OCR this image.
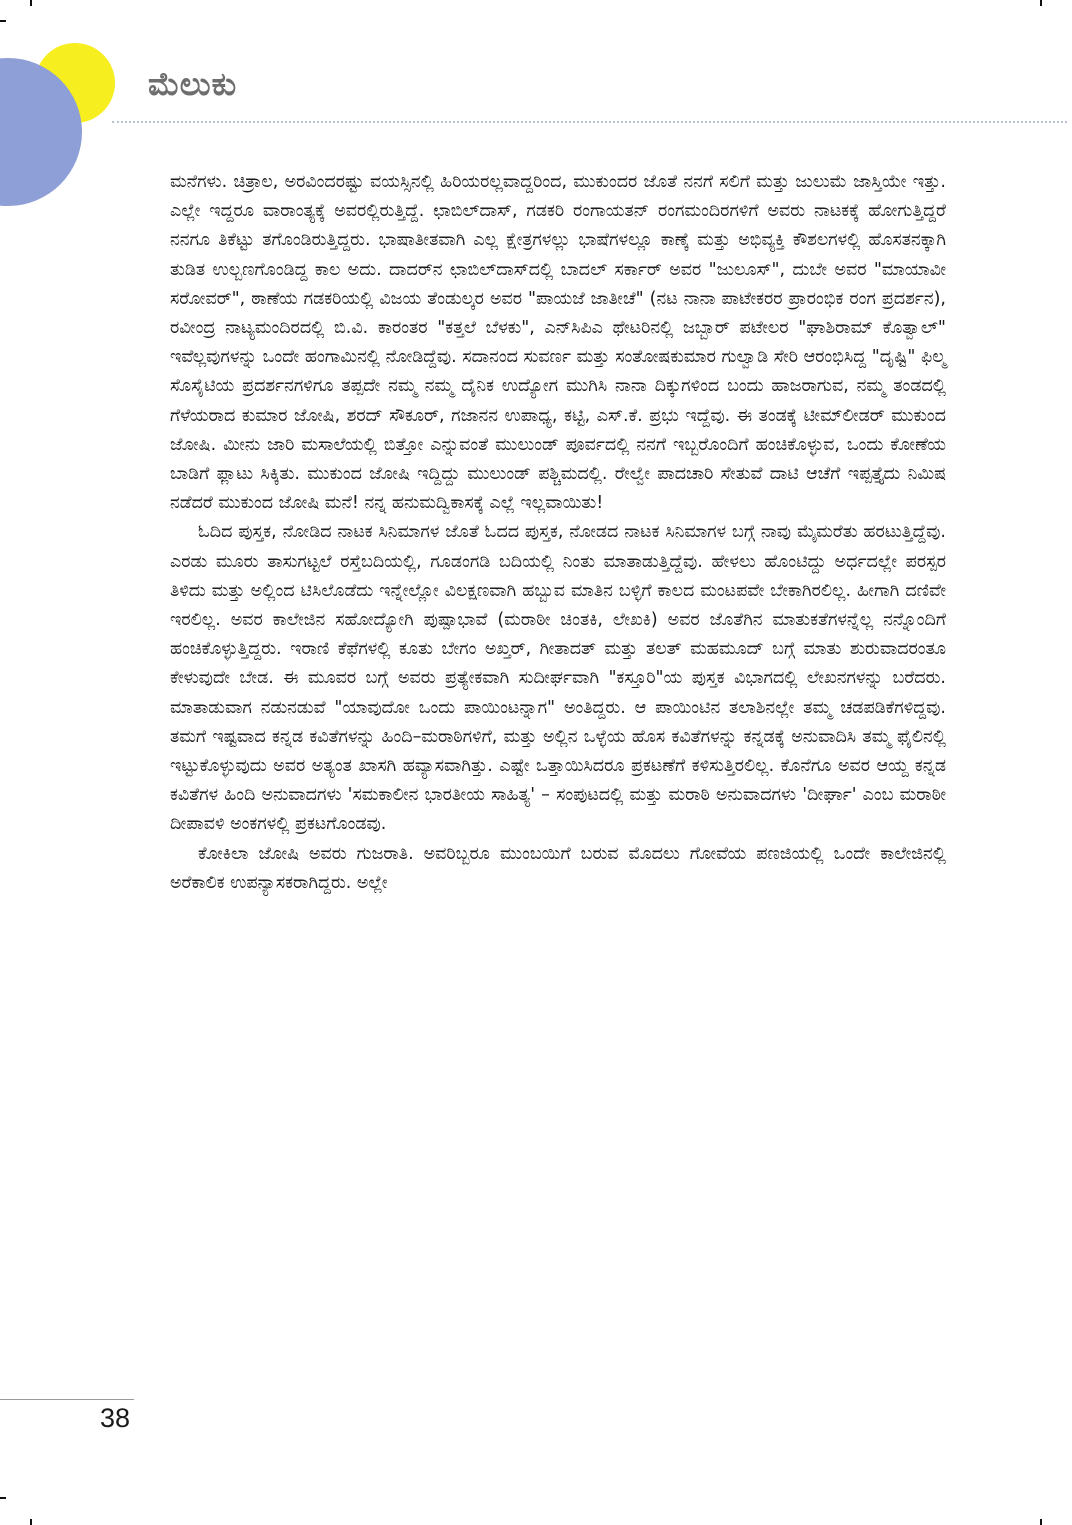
ಮೆಲುಕು

ಮನೆಗಳು. ಚಿತ್ರಾಲ, ಅರವಿಂದರಷ್ಟು ವಯಸ್ಸಿನಲ್ಲಿ ಹಿರಿಯರಲ್ಲವಾದ್ದರಿಂದ, ಮುಕುಂದರ ಜೊತೆ ನನಗೆ ಸಲಿಗೆ ಮತ್ತು ಜುಲುಮೆ ಜಾಸ್ತಿಯೇ ಇತ್ತು. ಎಲ್ಲೇ ಇದ್ದರೂ ವಾರಾಂತ್ಯಕ್ಕೆ ಅವರಲ್ಲಿರುತ್ತಿದ್ದೆ. ಛಾಬಿಲ್‌ದಾಸ್, ಗಡಕರಿ ರಂಗಾಯತನ್ ರಂಗಮಂದಿರಗಳಿಗೆ ಅವರು ನಾಟಕಕ್ಕೆ ಹೋಗುತ್ತಿದ್ದರೆ ನನಗೂ ತಿಕೆಟ್ಟು ತಗೊಂಡಿರುತ್ತಿದ್ದರು. ಭಾಷಾತೀತವಾಗಿ ಎಲ್ಲ ಕ್ಷೇತ್ರಗಳಲ್ಲು ಭಾಷೆಗಳಲ್ಲೂ ಕಾಣ್ಕೆ ಮತ್ತು ಅಭಿವ್ಯಕ್ತಿ ಕೌಶಲಗಳಲ್ಲಿ ಹೊಸತನಕ್ಕಾಗಿ ತುಡಿತ ಉಲ್ಬಣಗೊಂಡಿದ್ದ ಕಾಲ ಅದು. ದಾದರ್‌ನ ಛಾಬಿಲ್‌ದಾಸ್‌ದಲ್ಲಿ ಬಾದಲ್ ಸರ್ಕಾರ್ ಅವರ "ಜುಲೂಸ್", ದುಬೇ ಅವರ "ಮಾಯಾವೀ ಸರೋವರ್", ಠಾಣೆಯ ಗಡಕರಿಯಲ್ಲಿ ವಿಜಯ ತೆಂಡುಲ್ಕರ ಅವರ "ಪಾಯಜೆ ಜಾತೀಚೆ" (ನಟ ನಾನಾ ಪಾಟೇಕರರ ಪ್ರಾರಂಭಿಕ ರಂಗ ಪ್ರದರ್ಶನ), ರವೀಂದ್ರ ನಾಟ್ಯಮಂದಿರದಲ್ಲಿ ಬಿ.ವಿ. ಕಾರಂತರ "ಕತ್ತಲೆ ಬೆಳಕು", ಎನ್‌ಸಿಪಿಎ ಥೇಟರಿನಲ್ಲಿ ಜಬ್ಬಾರ್ ಪಟೇಲರ "ಘಾಶಿರಾಮ್ ಕೊತ್ವಾಲ್" ಇವೆಲ್ಲವುಗಳನ್ನು ಒಂದೇ ಹಂಗಾಮಿನಲ್ಲಿ ನೋಡಿದ್ದೆವು. ಸದಾನಂದ ಸುವರ್ಣ ಮತ್ತು ಸಂತೋಷಕುಮಾರ ಗುಲ್ವಾಡಿ ಸೇರಿ ಆರಂಭಿಸಿದ್ದ "ದೃಷ್ಟಿ" ಫಿಲ್ಮ ಸೊಸೈಟಿಯ ಪ್ರದರ್ಶನಗಳಿಗೂ ತಪ್ಪದೇ ನಮ್ಮ ನಮ್ಮ ದೈನಿಕ ಉದ್ಯೋಗ ಮುಗಿಸಿ ನಾನಾ ದಿಕ್ಕುಗಳಿಂದ ಬಂದು ಹಾಜರಾಗುವ, ನಮ್ಮ ತಂಡದಲ್ಲಿ ಗೆಳೆಯರಾದ ಕುಮಾರ ಜೋಷಿ, ಶರದ್ ಸೌಕೂರ್, ಗಜಾನನ ಉಪಾಧ್ಯ, ಕಟ್ಟಿ, ಎಸ್.ಕೆ. ಪ್ರಭು ಇದ್ದೆವು. ಈ ತಂಡಕ್ಕೆ ಟೀಮ್‌ಲೀಡರ್ ಮುಕುಂದ ಜೋಷಿ. ಮೀನು ಜಾರಿ ಮಸಾಲೆಯಲ್ಲಿ ಬಿತ್ತೋ ಎನ್ನುವಂತೆ ಮುಲುಂಡ್ ಪೂರ್ವದಲ್ಲಿ ನನಗೆ ಇಬ್ಬರೊಂದಿಗೆ ಹಂಚಿಕೊಳ್ಳುವ, ಒಂದು ಕೋಣೆಯ ಬಾಡಿಗೆ ಫ್ಲಾಟು ಸಿಕ್ಕಿತು. ಮುಕುಂದ ಜೋಷಿ ಇದ್ದಿದ್ದು ಮುಲುಂಡ್ ಪಶ್ಚಿಮದಲ್ಲಿ. ರೇಲ್ವೇ ಪಾದಚಾರಿ ಸೇತುವೆ ದಾಟಿ ಆಚೆಗೆ ಇಪ್ಪತ್ತೈದು ನಿಮಿಷ ನಡೆದರೆ ಮುಕುಂದ ಜೋಷಿ ಮನೆ! ನನ್ನ ಹನುಮದ್ವಿಕಾಸಕ್ಕೆ ಎಲ್ಲೆ ಇಲ್ಲವಾಯಿತು!

ಓದಿದ ಪುಸ್ತಕ, ನೋಡಿದ ನಾಟಕ ಸಿನಿಮಾಗಳ ಜೊತೆ ಓದದ ಪುಸ್ತಕ, ನೋಡದ ನಾಟಕ ಸಿನಿಮಾಗಳ ಬಗ್ಗೆ ನಾವು ಮೈಮರೆತು ಹರಟುತ್ತಿದ್ದೆವು. ಎರಡು ಮೂರು ತಾಸುಗಟ್ಟಲೆ ರಸ್ತೆಬದಿಯಲ್ಲಿ, ಗೂಡಂಗಡಿ ಬದಿಯಲ್ಲಿ ನಿಂತು ಮಾತಾಡುತ್ತಿದ್ದೆವು. ಹೇಳಲು ಹೊಂಟಿದ್ದು ಅರ್ಧದಲ್ಲೇ ಪರಸ್ಪರ ತಿಳಿದು ಮತ್ತು ಅಲ್ಲಿಂದ ಟಿಸಿಲೊಡೆದು ಇನ್ನೇಲ್ಲೋ ವಿಲಕ್ಷಣವಾಗಿ ಹಬ್ಬುವ ಮಾತಿನ ಬಳ್ಳಿಗೆ ಕಾಲದ ಮಂಟಪವೇ ಬೇಕಾಗಿರಲಿಲ್ಲ. ಹೀಗಾಗಿ ದಣಿವೇ ಇರಲಿಲ್ಲ. ಅವರ ಕಾಲೇಜಿನ ಸಹೋದ್ಯೋಗಿ ಪುಷ್ಪಾಭಾವೆ (ಮರಾಠೀ ಚಿಂತಕಿ, ಲೇಖಕಿ) ಅವರ ಜೊತೆಗಿನ ಮಾತುಕತೆಗಳನ್ನೆಲ್ಲ ನನ್ನೊಂದಿಗೆ ಹಂಚಿಕೊಳ್ಳುತ್ತಿದ್ದರು. ಇರಾಣಿ ಕೆಫೆಗಳಲ್ಲಿ ಕೂತು ಬೇಗಂ ಅಖ್ತರ್, ಗೀತಾದತ್ ಮತ್ತು ತಲತ್ ಮಹಮೂದ್ ಬಗ್ಗೆ ಮಾತು ಶುರುವಾದರಂತೂ ಕೇಳುವುದೇ ಬೇಡ. ಈ ಮೂವರ ಬಗ್ಗೆ ಅವರು ಪ್ರತ್ಯೇಕವಾಗಿ ಸುದೀರ್ಘವಾಗಿ "ಕಸ್ತೂರಿ"ಯ ಪುಸ್ತಕ ವಿಭಾಗದಲ್ಲಿ ಲೇಖನಗಳನ್ನು ಬರೆದರು. ಮಾತಾಡುವಾಗ ನಡುನಡುವೆ "ಯಾವುದೋ ಒಂದು ಪಾಯಿಂಟನ್ನಾಗ" ಅಂತಿದ್ದರು. ಆ ಪಾಯಿಂಟಿನ ತಲಾಶಿನಲ್ಲೇ ತಮ್ಮ ಚಡಪಡಿಕೆಗಳಿದ್ದವು. ತಮಗೆ ಇಷ್ಟವಾದ ಕನ್ನಡ ಕವಿತೆಗಳನ್ನು ಹಿಂದಿ–ಮರಾಠಿಗಳಿಗೆ, ಮತ್ತು ಅಲ್ಲಿನ ಒಳ್ಳೆಯ ಹೊಸ ಕವಿತೆಗಳನ್ನು ಕನ್ನಡಕ್ಕೆ ಅನುವಾದಿಸಿ ತಮ್ಮ ಫೈಲಿನಲ್ಲಿ ಇಟ್ಟುಕೊಳ್ಳುವುದು ಅವರ ಅತ್ಯಂತ ಖಾಸಗಿ ಹವ್ಯಾಸವಾಗಿತ್ತು. ಎಷ್ಟೇ ಒತ್ತಾಯಿಸಿದರೂ ಪ್ರಕಟಣೆಗೆ ಕಳಿಸುತ್ತಿರಲಿಲ್ಲ. ಕೊನೆಗೂ ಅವರ ಆಯ್ದ ಕನ್ನಡ ಕವಿತೆಗಳ ಹಿಂದಿ ಅನುವಾದಗಳು 'ಸಮಕಾಲೀನ ಭಾರತೀಯ ಸಾಹಿತ್ಯ' – ಸಂಪುಟದಲ್ಲಿ ಮತ್ತು ಮರಾಠಿ ಅನುವಾದಗಳು 'ದೀರ್ಘಾ' ಎಂಬ ಮರಾಠೀ ದೀಪಾವಳಿ ಅಂಕಗಳಲ್ಲಿ ಪ್ರಕಟಗೊಂಡವು.

ಕೋಕಿಲಾ ಜೋಷಿ ಅವರು ಗುಜರಾತಿ. ಅವರಿಬ್ಬರೂ ಮುಂಬಯಿಗೆ ಬರುವ ಮೊದಲು ಗೋವೆಯ ಪಣಜಿಯಲ್ಲಿ ಒಂದೇ ಕಾಲೇಜಿನಲ್ಲಿ ಅರೆಕಾಲಿಕ ಉಪನ್ಯಾಸಕರಾಗಿದ್ದರು. ಅಲ್ಲೇ

38
